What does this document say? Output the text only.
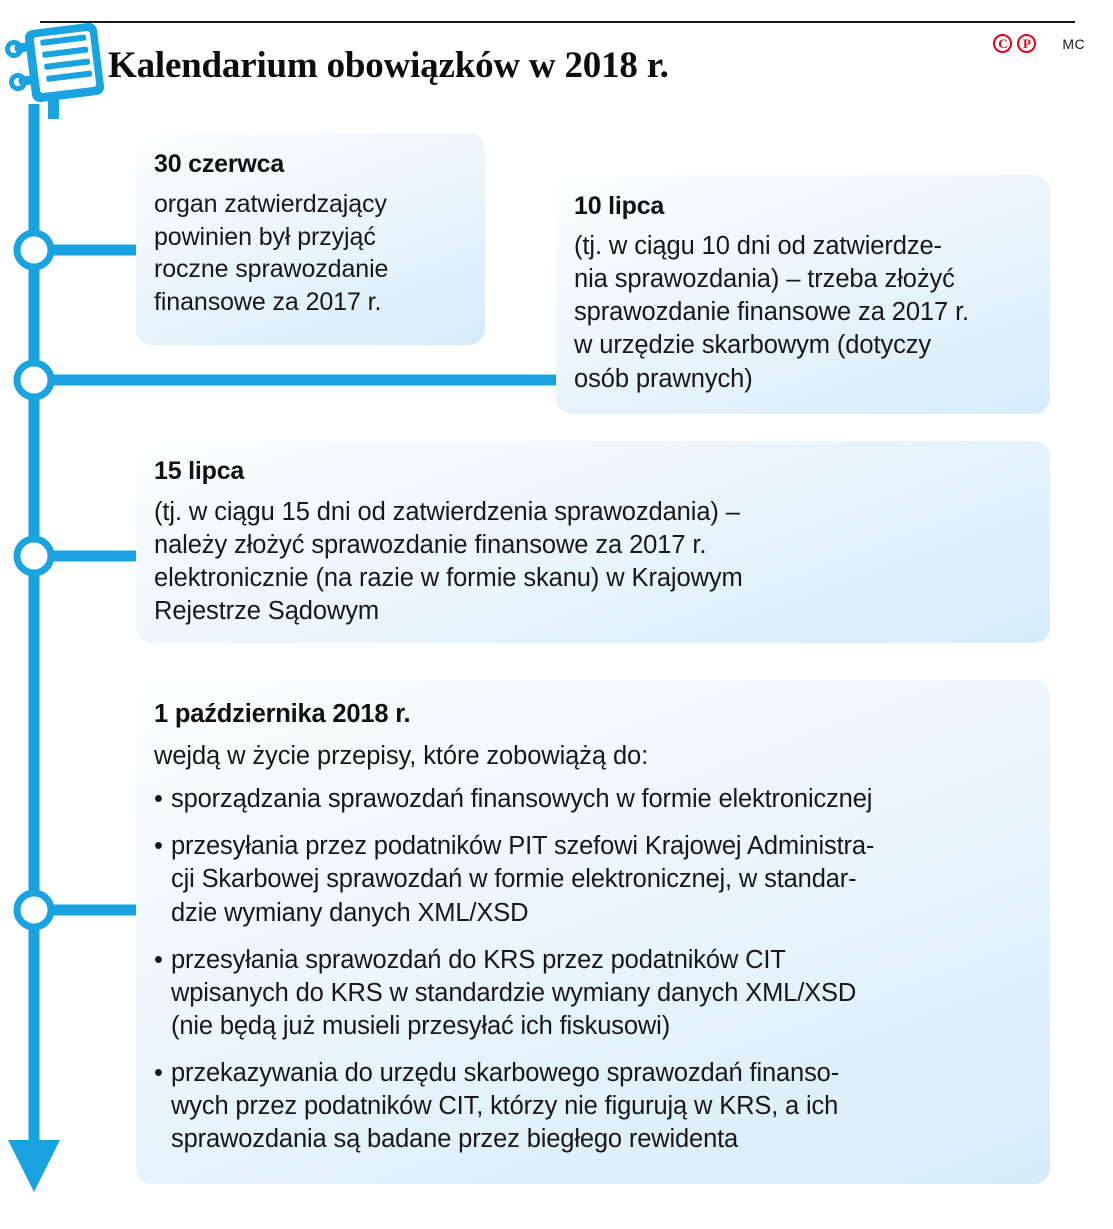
Kalendarium obowiązków w 2018 r.
C	P	MC
30 czerwca
organ zatwierdzający
powinien był przyjąć
roczne sprawozdanie
finansowe za 2017 r.
10 lipca
(tj. w ciągu 10 dni od zatwierdze-
nia sprawozdania) – trzeba złożyć
sprawozdanie finansowe za 2017 r.
w urzędzie skarbowym (dotyczy
osób prawnych)
15 lipca
(tj. w ciągu 15 dni od zatwierdzenia sprawozdania) –
należy złożyć sprawozdanie finansowe za 2017 r.
elektronicznie (na razie w formie skanu) w Krajowym
Rejestrze Sądowym
1 października 2018 r.
wejdą w życie przepisy, które zobowiążą do:
• sporządzania sprawozdań finansowych w formie elektronicznej
• przesyłania przez podatników PIT szefowi Krajowej Administra-
cji Skarbowej sprawozdań w formie elektronicznej, w standar-
dzie wymiany danych XML/XSD
• przesyłania sprawozdań do KRS przez podatników CIT
wpisanych do KRS w standardzie wymiany danych XML/XSD
(nie będą już musieli przesyłać ich fiskusowi)
• przekazywania do urzędu skarbowego sprawozdań finanso-
wych przez podatników CIT, którzy nie figurują w KRS, a ich
sprawozdania są badane przez biegłego rewidenta
